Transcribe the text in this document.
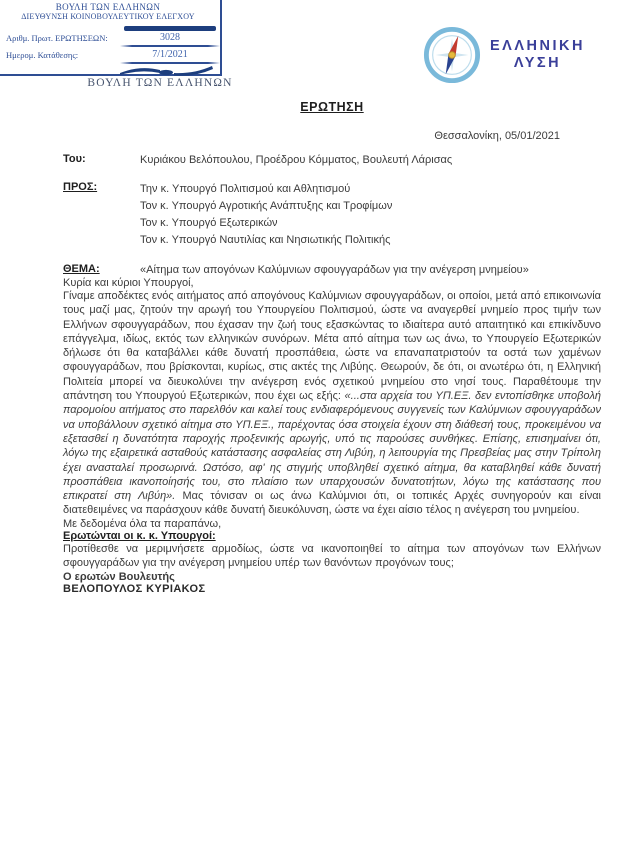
ΒΟΥΛΗ ΤΩΝ ΕΛΛΗΝΩΝ
ΔΙΕΥΘΥΝΣΗ ΚΟΙΝΟΒΟΥΛΕΥΤΙΚΟΥ ΕΛΕΓΧΟΥ
Αριθμ. Πρωτ. ΕΡΩΤΗΣΕΩΝ:	3028
Ημερομ. Κατάθεσης:	7/1/2021
ΒΟΥΛΗ ΤΩΝ ΕΛΛΗΝΩΝ
ΕΛΛΗΝΙΚΗ
ΛΥΣΗ
ΕΡΩΤΗΣΗ
Θεσσαλονίκη, 05/01/2021
Του:	Κυριάκου Βελόπουλου, Προέδρου Κόμματος, Βουλευτή Λάρισας
ΠΡΟΣ:	Την κ. Υπουργό Πολιτισμού και Αθλητισμού
Τον κ. Υπουργό Αγροτικής Ανάπτυξης και Τροφίμων
Τον κ. Υπουργό Εξωτερικών
Τον κ. Υπουργό Ναυτιλίας και Νησιωτικής Πολιτικής
ΘΕΜΑ:	«Αίτημα των απογόνων Καλύμνιων σφουγγαράδων για την ανέγερση μνημείου»

Κυρία και κύριοι Υπουργοί,

Γίναμε αποδέκτες ενός αιτήματος από απογόνους Καλύμνιων σφουγγαράδων, οι οποίοι, μετά από επικοινωνία τους μαζί μας, ζητούν την αρωγή του Υπουργείου Πολιτισμού, ώστε να αναγερθεί μνημείο προς τιμήν των Ελλήνων σφουγγαράδων, που έχασαν την ζωή τους εξασκώντας το ιδιαίτερα αυτό απαιτητικό και επικίνδυνο επάγγελμα, ιδίως, εκτός των ελληνικών συνόρων. Μέτα από αίτημα των ως άνω, το Υπουργείο Εξωτερικών δήλωσε ότι θα καταβάλλει κάθε δυνατή προσπάθεια, ώστε να επαναπατριστούν τα οστά των χαμένων σφουγγαράδων, που βρίσκονται, κυρίως, στις ακτές της Λιβύης. Θεωρούν, δε ότι, οι ανωτέρω ότι, η Ελληνική Πολιτεία μπορεί να διευκολύνει την ανέγερση ενός σχετικού μνημείου στο νησί τους. Παραθέτουμε την απάντηση του Υπουργού Εξωτερικών, που έχει ως εξής: «...στα αρχεία του ΥΠ.ΕΞ. δεν εντοπίσθηκε υποβολή παρομοίου αιτήματος στο παρελθόν και καλεί τους ενδιαφερόμενους συγγενείς των Καλύμνιων σφουγγαράδων να υποβάλλουν σχετικό αίτημα στο ΥΠ.ΕΞ., παρέχοντας όσα στοιχεία έχουν στη διάθεσή τους, προκειμένου να εξετασθεί η δυνατότητα παροχής προξενικής αρωγής, υπό τις παρούσες συνθήκες. Επίσης, επισημαίνει ότι, λόγω της εξαιρετικά ασταθούς κατάστασης ασφαλείας στη Λιβύη, η λειτουργία της Πρεσβείας μας στην Τρίπολη έχει ανασταλεί προσωρινά. Ωστόσο, αφ' ης στιγμής υποβληθεί σχετικό αίτημα, θα καταβληθεί κάθε δυνατή προσπάθεια ικανοποίησής του, στο πλαίσιο των υπαρχουσών δυνατοτήτων, λόγω της κατάστασης που επικρατεί στη Λιβύη». Μας τόνισαν οι ως άνω Καλύμνιοι ότι, οι τοπικές Αρχές συνηγορούν και είναι διατεθειμένες να παράσχουν κάθε δυνατή διευκόλυνση, ώστε να έχει αίσιο τέλος η ανέγερση του μνημείου.

Με δεδομένα όλα τα παραπάνω,

Ερωτώνται οι κ. κ. Υπουργοί:

Προτίθεσθε να μεριμνήσετε αρμοδίως, ώστε να ικανοποιηθεί το αίτημα των απογόνων των Ελλήνων σφουγγαράδων για την ανέγερση μνημείου υπέρ των θανόντων προγόνων τους;

Ο ερωτών Βουλευτής

ΒΕΛΟΠΟΥΛΟΣ ΚΥΡΙΑΚΟΣ
